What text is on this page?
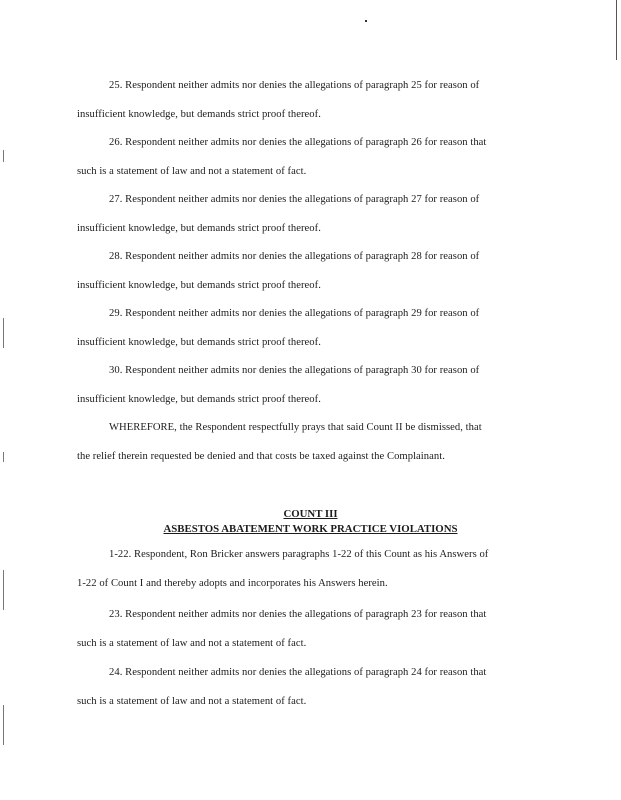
25. Respondent neither admits nor denies the allegations of paragraph 25 for reason of
insufficient knowledge, but demands strict proof thereof.

26. Respondent neither admits nor denies the allegations of paragraph 26 for reason that
such is a statement of law and not a statement of fact.

27. Respondent neither admits nor denies the allegations of paragraph 27 for reason of
insufficient knowledge, but demands strict proof thereof.

28. Respondent neither admits nor denies the allegations of paragraph 28 for reason of
insufficient knowledge, but demands strict proof thereof.

29. Respondent neither admits nor denies the allegations of paragraph 29 for reason of
insufficient knowledge, but demands strict proof thereof.

30. Respondent neither admits nor denies the allegations of paragraph 30 for reason of
insufficient knowledge, but demands strict proof thereof.

WHEREFORE, the Respondent respectfully prays that said Count II be dismissed, that
the relief therein requested be denied and that costs be taxed against the Complainant.

COUNT III

ASBESTOS ABATEMENT WORK PRACTICE VIOLATIONS

1-22. Respondent, Ron Bricker answers paragraphs 1-22 of this Count as his Answers of
1-22 of Count I and thereby adopts and incorporates his Answers herein.

23. Respondent neither admits nor denies the allegations of paragraph 23 for reason that
such is a statement of law and not a statement of fact.

24. Respondent neither admits nor denies the allegations of paragraph 24 for reason that
such is a statement of law and not a statement of fact.
